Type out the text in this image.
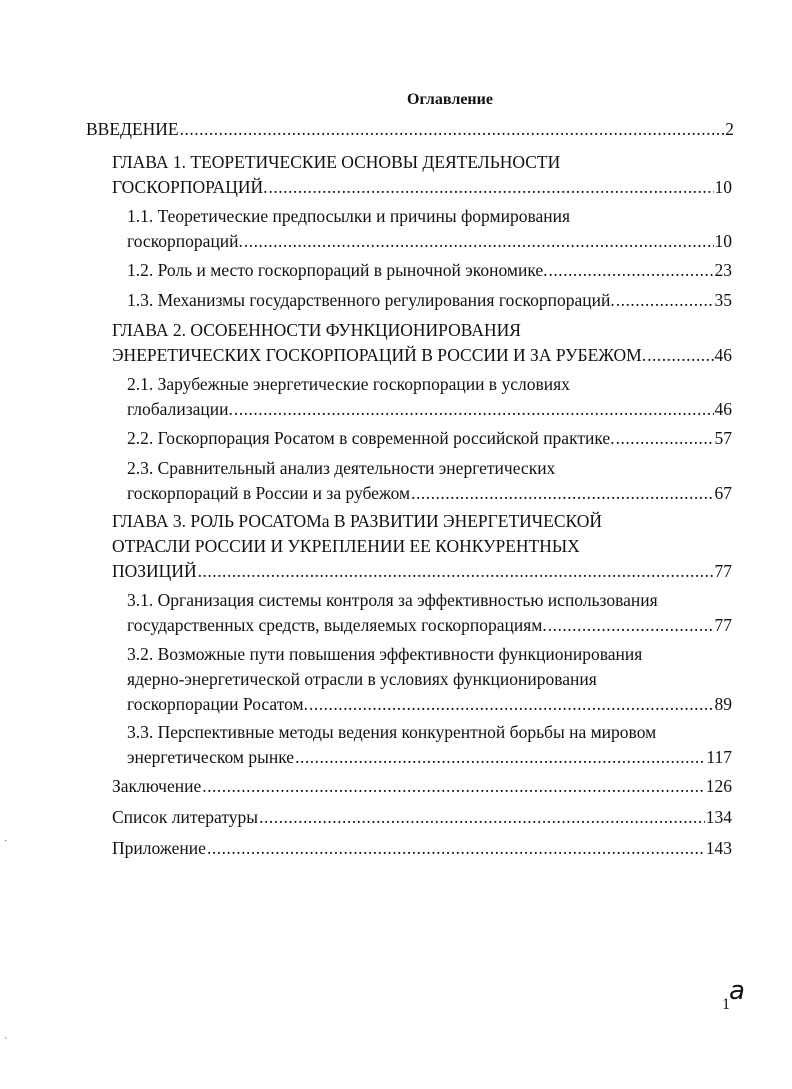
Оглавление
ВВЕДЕНИЕ .....	2
ГЛАВА 1. ТЕОРЕТИЧЕСКИЕ ОСНОВЫ ДЕЯТЕЛЬНОСТИ
ГОСКОРПОРАЦИЙ. .....	10
1.1. Теоретические предпосылки и причины формирования
госкорпораций. .....	10
1.2. Роль и место госкорпораций в рыночной экономике. .....	23
1.3. Механизмы государственного регулирования госкорпораций. .....	35
ГЛАВА 2. ОСОБЕННОСТИ ФУНКЦИОНИРОВАНИЯ
ЭНЕРЕТИЧЕСКИХ ГОСКОРПОРАЦИЙ В РОССИИ И ЗА РУБЕЖОМ. .....	46
2.1. Зарубежные энергетические госкорпорации в условиях
глобализации. .....	46
2.2. Госкорпорация Росатом в современной российской практике. .....	57
2.3. Сравнительный анализ деятельности энергетических
госкорпораций в России и за рубежом .....	67
ГЛАВА 3. РОЛЬ РОСАТОМа В РАЗВИТИИ ЭНЕРГЕТИЧЕСКОЙ
ОТРАСЛИ РОССИИ И УКРЕПЛЕНИИ ЕЕ КОНКУРЕНТНЫХ
ПОЗИЦИЙ .....	77
3.1. Организация системы контроля за эффективностью использования
государственных средств, выделяемых госкорпорациям. .....	77
3.2. Возможные пути повышения эффективности функционирования
ядерно-энергетической отрасли в условиях функционирования
госкорпорации Росатом. .....	89
3.3. Перспективные методы ведения конкурентной борьбы на мировом
энергетическом рынке .....	117
Заключение .....	126
Список литературы .....	134
Приложение .....	143
1a
·
`
